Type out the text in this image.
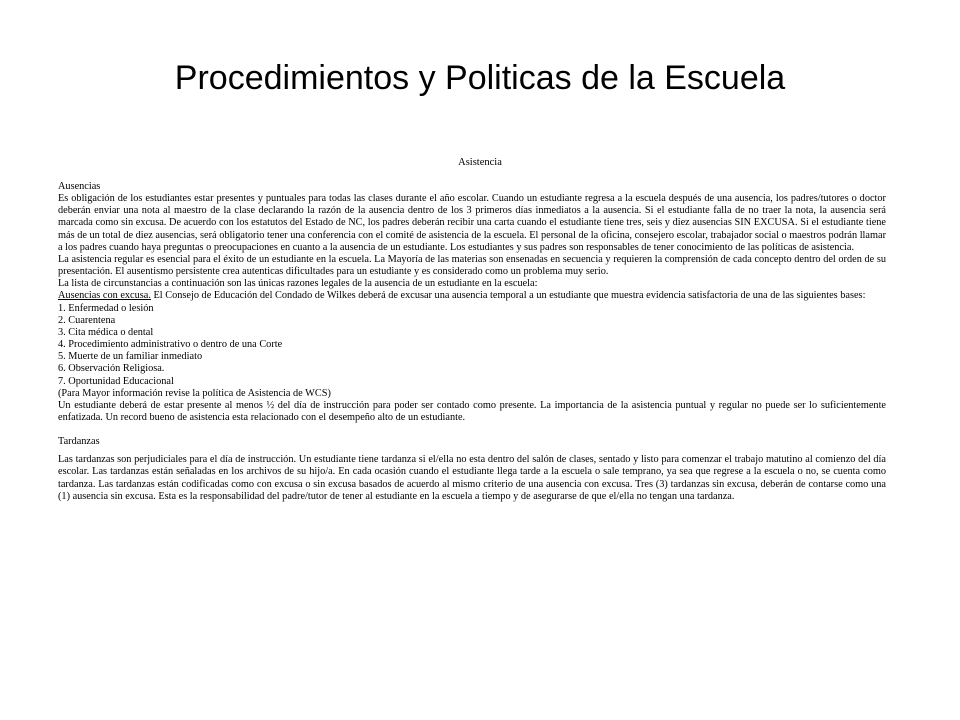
Procedimientos y Politicas de la Escuela
Asistencia

Ausencias

Es obligación de los estudiantes estar presentes y puntuales para todas las clases durante el año escolar. Cuando un estudiante regresa a la escuela después de una ausencia, los padres/tutores o doctor deberán enviar una nota al maestro de la clase declarando la razón de la ausencia dentro de los 3 primeros días inmediatos a la ausencia. Si el estudiante falla de no traer la nota, la ausencia será marcada como sin excusa. De acuerdo con los estatutos del Estado de NC, los padres deberán recibir una carta cuando el estudiante tiene tres, seis y diez ausencias SIN EXCUSA. Si el estudiante tiene más de un total de diez ausencias, será obligatorio tener una conferencia con el comité de asistencia de la escuela. El personal de la oficina, consejero escolar, trabajador social o maestros podrán llamar a los padres cuando haya preguntas o preocupaciones en cuanto a la ausencia de un estudiante. Los estudiantes y sus padres son responsables de tener conocimiento de las políticas de asistencia.

La asistencia regular es esencial para el éxito de un estudiante en la escuela. La Mayoría de las materias son ensenadas en secuencia y requieren la comprensión de cada concepto dentro del orden de su presentación. El ausentismo persistente crea autenticas dificultades para un estudiante y es considerado como un problema muy serio.

La lista de circunstancias a continuación son las únicas razones legales de la ausencia de un estudiante en la escuela:

Ausencias con excusa. El Consejo de Educación del Condado de Wilkes deberá de excusar una ausencia temporal a un estudiante que muestra evidencia satisfactoria de una de las siguientes bases:

1. Enfermedad o lesión

2. Cuarentena

3. Cita médica o dental

4. Procedimiento administrativo o dentro de una Corte

5. Muerte de un familiar inmediato

6. Observación Religiosa.

7. Oportunidad Educacional

(Para Mayor información revise la política de Asistencia de WCS)

Un estudiante deberá de estar presente al menos ½ del día de instrucción para poder ser contado como presente. La importancia de la asistencia puntual y regular no puede ser lo suficientemente enfatizada. Un record bueno de asistencia esta relacionado con el desempeño alto de un estudiante.

Tardanzas

Las tardanzas son perjudiciales para el día de instrucción. Un estudiante tiene tardanza si el/ella no esta dentro del salón de clases, sentado y listo para comenzar el trabajo matutino al comienzo del día escolar. Las tardanzas están señaladas en los archivos de su hijo/a. En cada ocasión cuando el estudiante llega tarde a la escuela o sale temprano, ya sea que regrese a la escuela o no, se cuenta como tardanza. Las tardanzas están codificadas como con excusa o sin excusa basados de acuerdo al mismo criterio de una ausencia con excusa. Tres (3) tardanzas sin excusa, deberán de contarse como una (1) ausencia sin excusa. Esta es la responsabilidad del padre/tutor de tener al estudiante en la escuela a tiempo y de asegurarse de que el/ella no tengan una tardanza.
